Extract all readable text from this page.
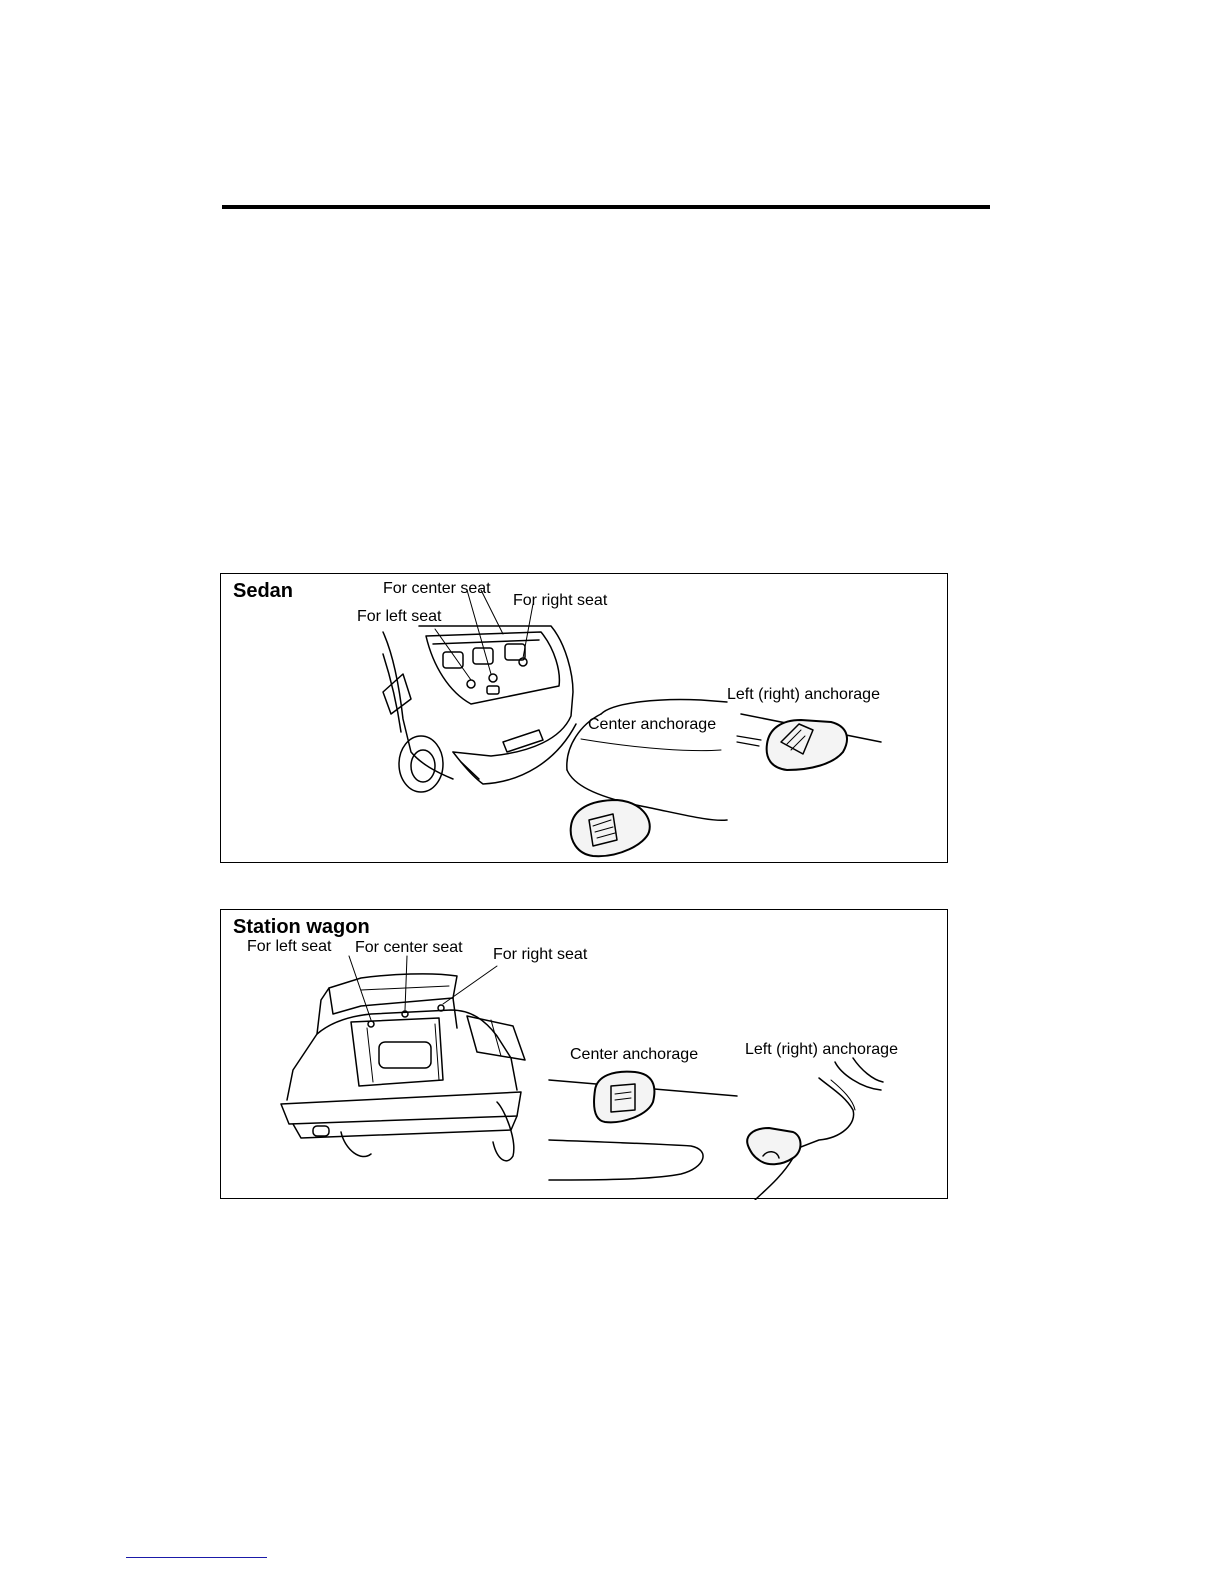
Sedan	For center seat
For left seat
For right seat
Left (right) anchorage
Center anchorage
Station wagon
For left seat For center seat For right seat
Center anchorage	Left (right) anchorage
